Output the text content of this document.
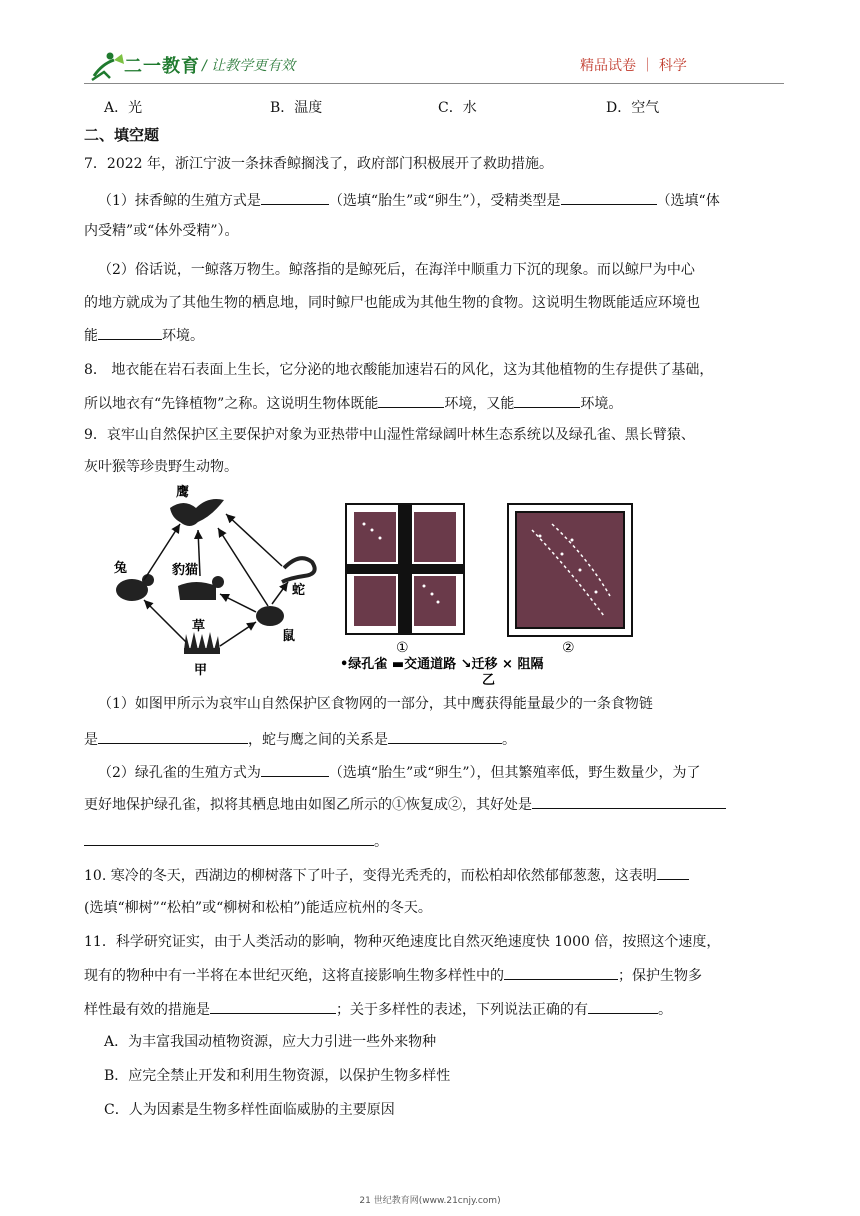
二一教育 / 让教学更有效	精品试卷 ｜ 科学
A．光	B．温度	C．水	D．空气
二、填空题
7．2022 年，浙江宁波一条抹香鲸搁浅了，政府部门积极展开了救助措施。
（1）抹香鲸的生殖方式是	（选填“胎生”或“卵生”），受精类型是	（选填“体
内受精”或“体外受精”）。
（2）俗话说，一鲸落万物生。鲸落指的是鲸死后，在海洋中顺重力下沉的现象。而以鲸尸为中心
的地方就成为了其他生物的栖息地，同时鲸尸也能成为其他生物的食物。这说明生物既能适应环境也
能	环境。
8． 地衣能在岩石表面上生长，它分泌的地衣酸能加速岩石的风化，这为其他植物的生存提供了基础，
所以地衣有“先锋植物”之称。这说明生物体既能	环境，又能	环境。
9．哀牢山自然保护区主要保护对象为亚热带中山湿性常绿阔叶林生态系统以及绿孔雀、黑长臂猿、
灰叶猴等珍贵野生动物。
鹰
兔	豹猫
蛇
草
鼠
甲
①	②
•绿孔雀 ▬交通道路 ↘迁移 × 阻隔
乙
（1）如图甲所示为哀牢山自然保护区食物网的一部分，其中鹰获得能量最少的一条食物链
是	，蛇与鹰之间的关系是	。
（2）绿孔雀的生殖方式为	（选填“胎生”或“卵生”），但其繁殖率低，野生数量少，为了
更好地保护绿孔雀，拟将其栖息地由如图乙所示的①恢复成②，其好处是
。
10. 寒冷的冬天，西湖边的柳树落下了叶子，变得光秃秃的，而松柏却依然郁郁葱葱，这表明
(选填“柳树”“松柏”或“柳树和松柏”)能适应杭州的冬天。
11．科学研究证实，由于人类活动的影响，物种灭绝速度比自然灭绝速度快 1000 倍，按照这个速度，
现有的物种中有一半将在本世纪灭绝，这将直接影响生物多样性中的	；保护生物多
样性最有效的措施是	；关于多样性的表述，下列说法正确的有	。
A．为丰富我国动植物资源，应大力引进一些外来物种
B．应完全禁止开发和利用生物资源，以保护生物多样性
C．人为因素是生物多样性面临威胁的主要原因
21 世纪教育网(www.21cnjy.com)
